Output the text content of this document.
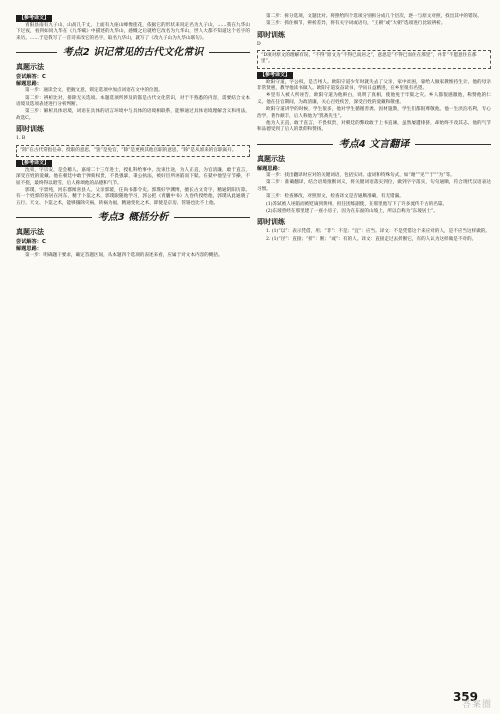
【参考译文】

青阳县南有九子山，山高几千丈，上面有九座山峰像莲花，依据它的形状来说定名为九子山，……我在九华山下过夜，看到如同九华在《九华赋》中描述的九华山，感慨之后就给它改名为九华山，世人大都不知道这个名字的来历。……于是我写了一首诗来改它的名字，取名九华山，就写了《改九子山为九华山联句》。

考点2 识记常见的古代文化常识
真题示法
尝试解答：C
解题思路：

第一步：通读全文，把握文意，锁定选项中加点词语在文中的位置。

第二步：辨析比对，排除无关选项。本题选项所涉及的都是古代文化常识，对于不熟悉的内容，需要结合文本语境及选项表述进行分析判断。

第三步：解析具体语境，词语在具体的语言环境中与具体的语境相联系，能够通过具体语境理解含义和用法，故选C。

即时训练

1. B

“除”在古代常指任命、授职的意思，“罢”是免官，“除”是更换其他官职的意思，“除”是从原来的官职离开。
【参考译文】

沈束，字宗安，是会稽人。嘉靖二十三年进士，授礼科给事中。沈束仕途，为人正直，为官清廉，敢于直言，深受百姓的爱戴。他在朝廷中敢于弹劾权贵，不畏强暴，秉公执法，被奸臣所诬陷而下狱。在狱中他坚守节操，不屈不挠，最终得以昭雪，后人称颂他的品德和气节。

郭璞，字景纯，河东郡闻喜县人。父亲郭瑗，任尚书都令史。郭璞好学渊博，擅长古文奇字，精通阴阳历算。有一个姓郭的客居在河东，精于卜筮之术，郭璞跟随他学习，郭公把《青囊中书》九卷传授给他，郭璞从此通晓了五行、天文、卜筮之术，能够攘除灾祸，转祸为福，精通变化之术，即使是京房、管辂也比不上他。

考点3 概括分析
真题示法
尝试解答：C
解题思路：

第一步：明确题干要求，确定答题区间，从本题四个选项的表述来看，应属于对文本内容的概括。

第二步：拆分选项，文题比对。将照给四个选项分别拆分成几个层次，逐一与原文对照，找出其中的错误。

第三步：抓住细节，辨析差异，将有关字词或语句，“王朝”或“大朝”选项进行比较辨析。

即时训练

D

“D项对原文的理解有误。“不得”原文为“不得已而居之”，意思是“不得已而住在那里”，并非“不愿意住在那里”。
【参考译文】

欧阳守道，字公权，是吉州人。欧阳守道少年时就失去了父亲，家中贫困，靠给人做家教维持生计。他的母亲非常贤惠，教导他读书做人。欧阳守道发奋读书，学问日益精进，在乡里很有名望。

乡里有人被人所诬告，欧阳守道为他辩白，说明了真相，使他免于牢狱之灾。乡人都很感激他，称赞他的仁义。他在任官期间，为政清廉，关心百姓疾苦，深受百姓的爱戴和敬重。

欧阳守道讲学的时候，学生很多，他对学生循循善诱，因材施教，学生们都很尊敬他。他一生淡泊名利，专心治学，著作颇丰，后人称他为“巽斋先生”。

他为人正直，敢于直言，不畏权贵，对朝廷的弊政敢于上书直谏，虽然屡遭排挤，却始终不改其志。他的气节和品德受到了后人的景仰和赞扬。

考点4 文言翻译
真题示法
解题思路：

第一步：找出翻译时应对的关键词语，包括实词、虚词和特殊句式，如“谢”“见”“于”“为”等。

第二步：准确翻译，结合语境推断词义，将关键词语落实到位，做到字字落实，句句通顺，符合现代汉语表达习惯。

第三步：检查修改，对照原文，检查译文是否通顺准确，有无错漏。

(1)苏轼被人诬陷而被贬谪到黄州，担任团练副使，在那里他写下了许多流传千古的名篇。

(2)东坡曾经在那里建了一座小房子，因为在东面的山坡上，所以自称为“东坡居士”。

即时训练

1. (1)“以”：表示凭借，用；“非”：不是；“宜”：应当。译文：不是凭借这个来应对的人，是不应当这样做的。

2. (1)“径”：直接；“折”：断；“或”：有的人。译文：直接走过去折断它，有的人认为这样做是不对的。

359
答案圈
